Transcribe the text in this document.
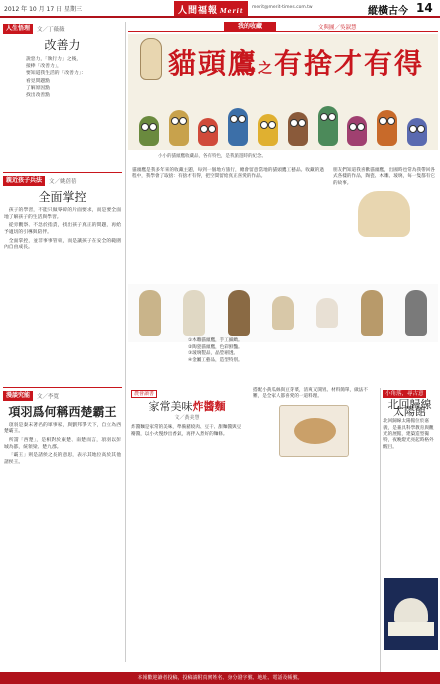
2012 年 10 月 17 日 星期三	人間福報 Merit
merit@merit-times.com.tw	縱橫古今 14
人生悟理	文／丁薇薇
改善力
說惡力，「執行力」之後，
接棒「改善力」，
要知道我生活的「改善力」：
看見問題點
了解原因點
找出改善點
親近孩子兵法	文／姚蓓蓓
全面掌控

孩子的學習，不能只做零碎的片面要求，而是要全面地了解孩子的生活與學習。

從旁觀察、不急於指責，找出孩子真正的問題，再給予適切的引導與陪伴。

全面掌控，並非事事管束，而是讓孩子在安全的範圍內自由成長。

漫談究能	文／李寬
項羽爲何稱西楚霸王

項羽是秦末著名的軍事家，與劉邦爭天下，自立為西楚霸王。

所謂「西楚」，是相對於東楚、南楚而言，項羽以彭城為都，統領梁、楚九郡。

「霸王」則是諸侯之長的意思，表示其地位高於其他諸侯王。

我的收藏	文與圖／吳淑慧
貓頭鷹之有捨才有得
小小的貓頭鷹收藏品，各有特色，是我旅遊時的紀念。
貓頭鷹是我多年來的收藏主題，每到一個地方旅行，總會留意當地的貓頭鷹工藝品。收藏的過程中，我學會了取捨：有捨才有得，把空間留給真正喜愛的作品。
朋友們知道我喜歡貓頭鷹，出國時也常為我帶回各式各樣的作品，陶瓷、木雕、玻璃，每一隻都有它的故事。
①木雕貓頭鷹，手工細緻。
②陶瓷貓頭鷹，色彩鮮豔。
③玻璃製品，晶瑩剔透。
④金屬工藝品，造型特別。
農會讀書
家常美味炸醬麵
文／黃美慧
炸醬麵是家常的美味，準備豬絞肉、豆干、甜麵醬與豆瓣醬，以小火慢炒出香氣，再拌入煮好的麵條。
搭配小黃瓜絲與豆芽菜，清爽又開胃。材料簡單，做法不難，是全家人都喜愛的一道料理。	小角落，尋古意
北回歸線太陽館
北回歸線太陽館位於嘉義，是兼具科學教育與觀光的展館，建築造型獨特，夜晚燈光亮起時格外醒目。
本報歡迎讀者投稿，投稿請附真實姓名、身分證字號、地址、電話及帳號。
